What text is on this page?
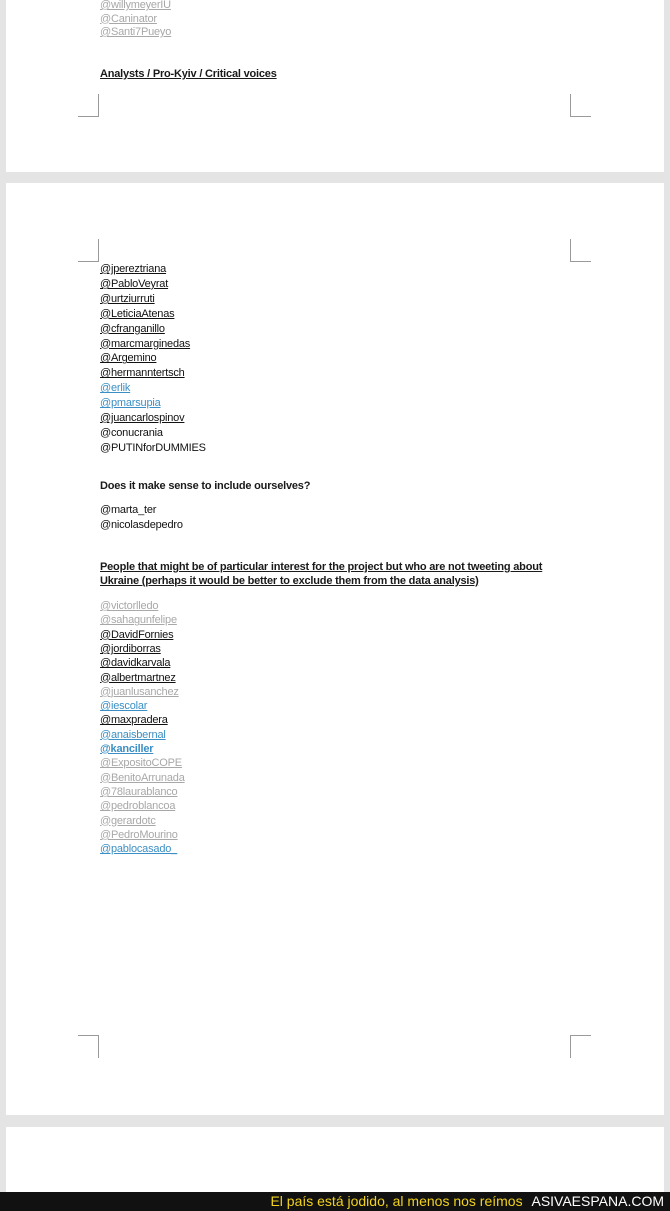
@willymeyerIU

@Caninator

@Santi7Pueyo

Analysts / Pro-Kyiv / Critical voices

@jpereztriana

@PabloVeyrat

@urtziurruti

@LeticiaAtenas

@cfranganillo

@marcmarginedas

@Argemino

@hermanntertsch

@erlik

@pmarsupia

@juancarlospinov

@conucrania

@PUTINforDUMMIES

Does it make sense to include ourselves?

@marta_ter

@nicolasdepedro

People that might be of particular interest for the project but who are not tweeting about Ukraine (perhaps it would be better to exclude them from the data analysis)

@victorlledo

@sahagunfelipe

@DavidFornies

@jordiborras

@davidkarvala

@albertmartnez

@juanlusanchez

@iescolar

@maxpradera

@anaisbernal

@kanciller

@ExpositoCOPE

@BenitoArrunada

@78laurablanco

@pedroblancoa

@gerardotc

@PedroMourino

@pablocasado_

El país está jodido, al menos nos reímos ASIVAESPANA.COM
